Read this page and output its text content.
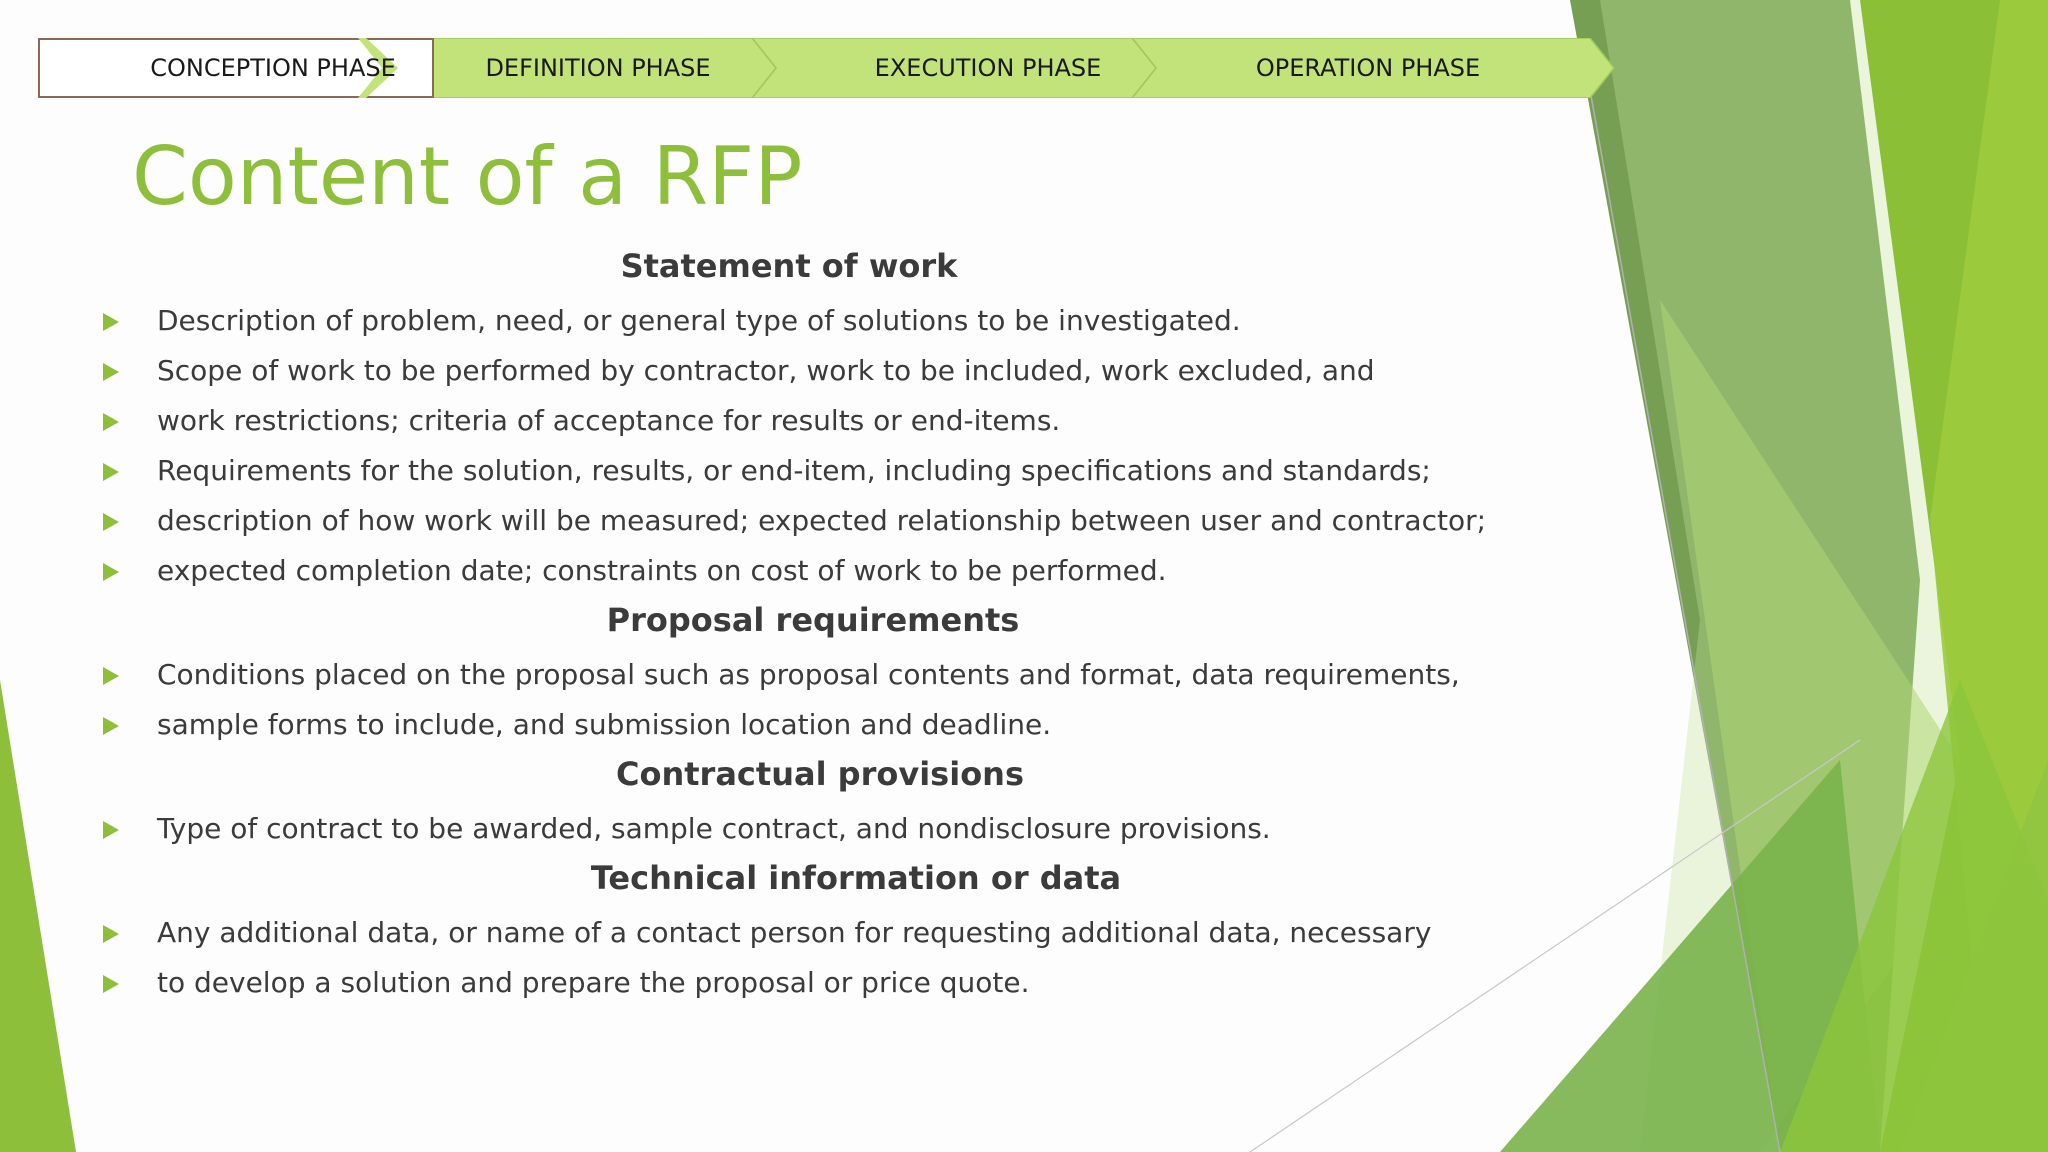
CONCEPTION PHASE	DEFINITION PHASE	EXECUTION PHASE	OPERATION PHASE
Content of a RFP
Statement of work
Description of problem, need, or general type of solutions to be investigated.
Scope of work to be performed by contractor, work to be included, work excluded, and
work restrictions; criteria of acceptance for results or end-items.
Requirements for the solution, results, or end-item, including specifications and standards;
description of how work will be measured; expected relationship between user and contractor;
expected completion date; constraints on cost of work to be performed.
Proposal requirements
Conditions placed on the proposal such as proposal contents and format, data requirements,
sample forms to include, and submission location and deadline.
Contractual provisions
Type of contract to be awarded, sample contract, and nondisclosure provisions.
Technical information or data
Any additional data, or name of a contact person for requesting additional data, necessary
to develop a solution and prepare the proposal or price quote.
